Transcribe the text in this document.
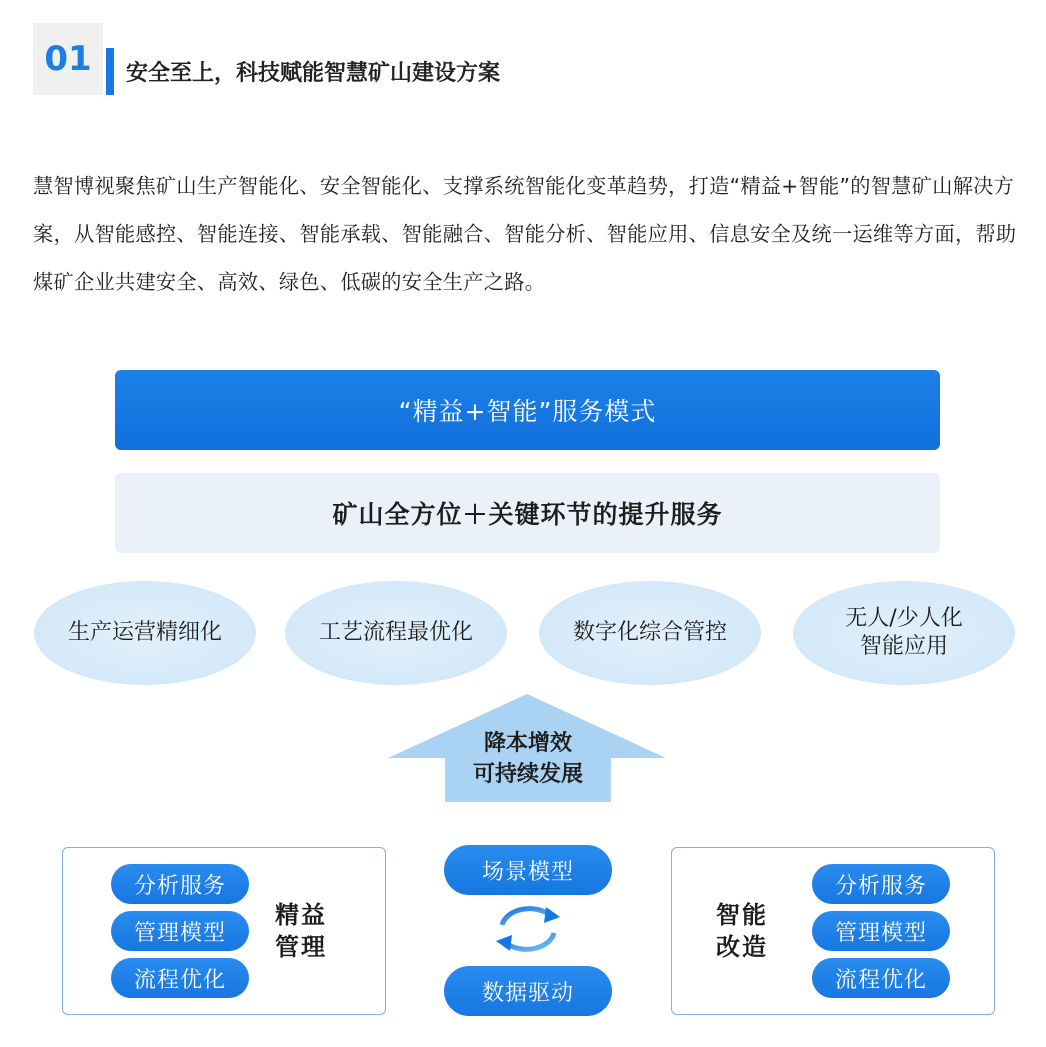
01	安全至上，科技赋能智慧矿山建设方案
慧智博视聚焦矿山生产智能化、安全智能化、支撑系统智能化变革趋势，打造“精益+智能”的智慧矿山解决方案，从智能感控、智能连接、智能承载、智能融合、智能分析、智能应用、信息安全及统一运维等方面，帮助煤矿企业共建安全、高效、绿色、低碳的安全生产之路。
“精益+智能”服务模式
矿山全方位＋关键环节的提升服务
生产运营精细化	工艺流程最优化	数字化综合管控
无人/少人化
智能应用
降本增效
可持续发展
分析服务
管理模型
流程优化
精益
管理
场景模型
数据驱动
智能
改造
分析服务
管理模型
流程优化
